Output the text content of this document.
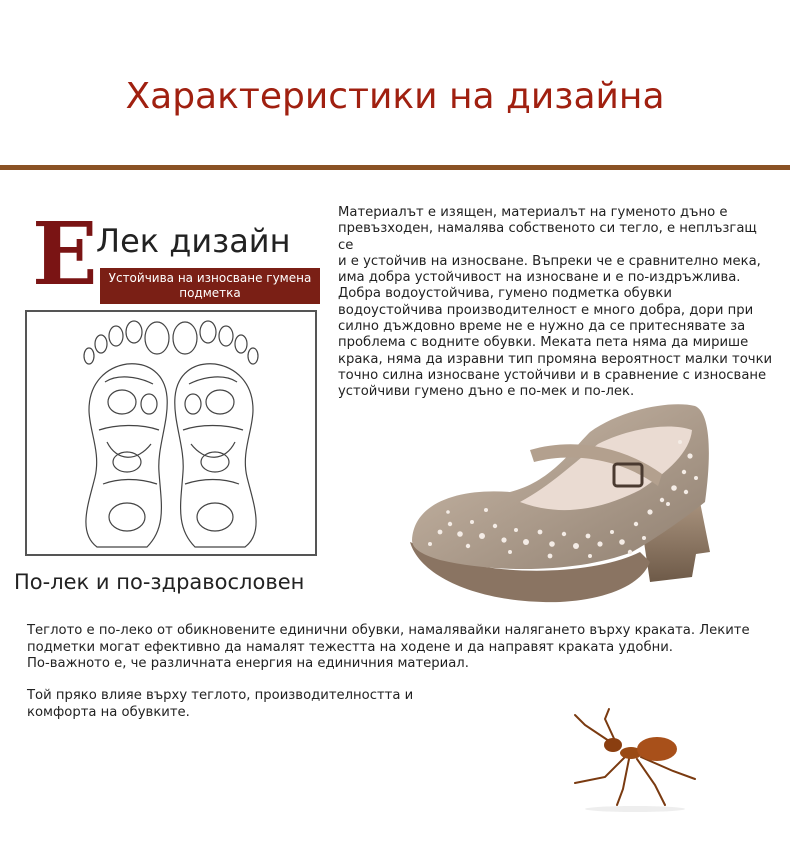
Характеристики на дизайна
E
Лек дизайн
Устойчива на износване гумена
подметка
По-лек и по-здравословен
Материалът е изящен, материалът на гуменото дъно е
превъзходен, намалява собственото си тегло, е неплъзгащ се
и е устойчив на износване. Въпреки че е сравнително мека,
има добра устойчивост на износване и е по-издръжлива.
Добра водоустойчива, гумено подметка обувки
водоустойчива производителност е много добра, дори при
силно дъждовно време не е нужно да се притеснявате за
проблема с водните обувки. Меката пета няма да мирише
крака, няма да изравни тип промяна вероятност малки точки
точно силна износване устойчиви и в сравнение с износване
устойчиви гумено дъно е по-мек и по-лек.
Теглото е по-леко от обикновените единични обувки, намалявайки налягането върху краката. Леките
подметки могат ефективно да намалят тежестта на ходене и да направят краката удобни.
По-важното е, че различната енергия на единичния материал.
Той пряко влияе върху теглото, производителността и
комфорта на обувките.
